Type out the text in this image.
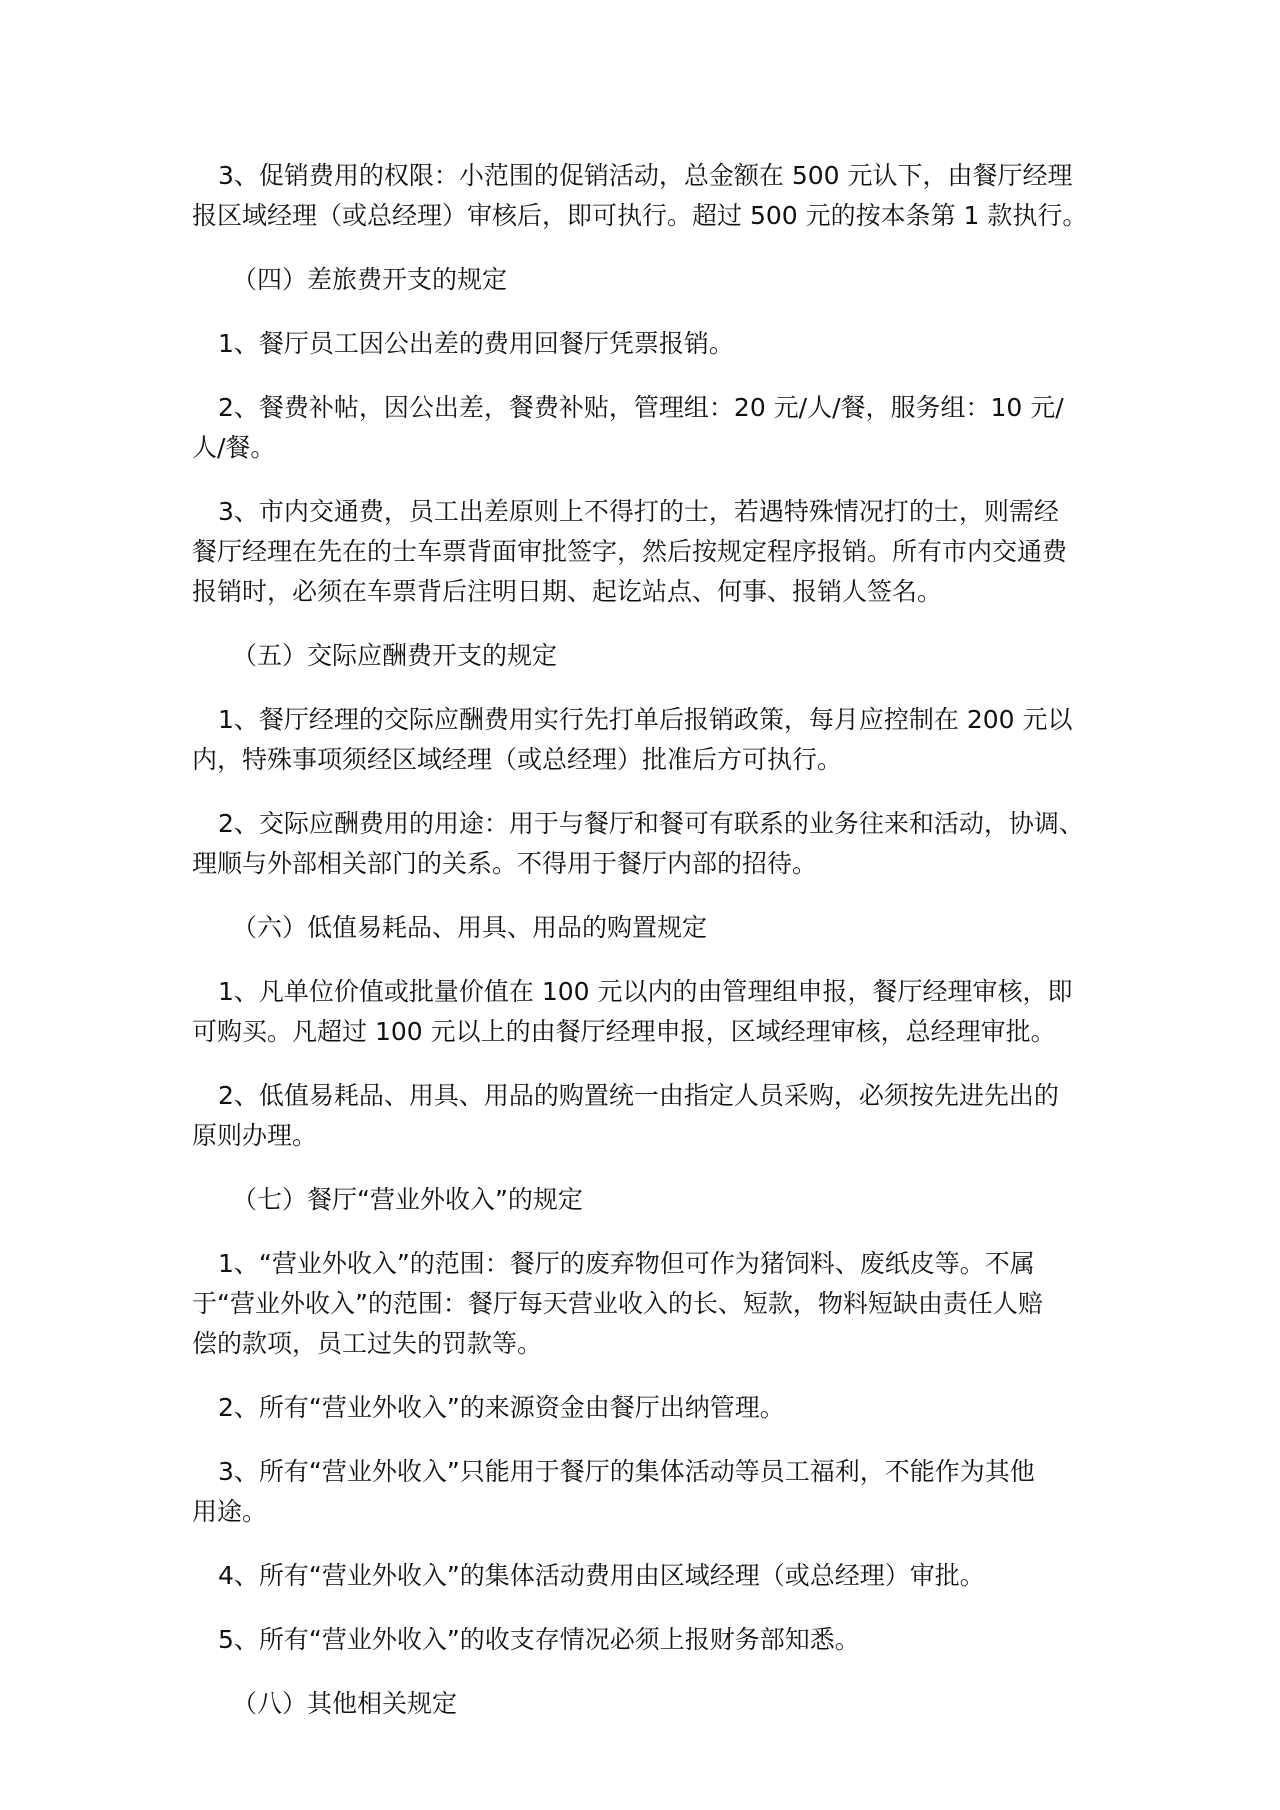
3、促销费用的权限：小范围的促销活动，总金额在 500 元认下，由餐厅经理
报区域经理（或总经理）审核后，即可执行。超过 500 元的按本条第 1 款执行。

（四）差旅费开支的规定

1、餐厅员工因公出差的费用回餐厅凭票报销。

2、餐费补帖，因公出差，餐费补贴，管理组：20 元/人/餐，服务组：10 元/
人/餐。

3、市内交通费，员工出差原则上不得打的士，若遇特殊情况打的士，则需经
餐厅经理在先在的士车票背面审批签字，然后按规定程序报销。所有市内交通费
报销时，必须在车票背后注明日期、起讫站点、何事、报销人签名。

（五）交际应酬费开支的规定

1、餐厅经理的交际应酬费用实行先打单后报销政策，每月应控制在 200 元以
内，特殊事项须经区域经理（或总经理）批准后方可执行。

2、交际应酬费用的用途：用于与餐厅和餐可有联系的业务往来和活动，协调、
理顺与外部相关部门的关系。不得用于餐厅内部的招待。

（六）低值易耗品、用具、用品的购置规定

1、凡单位价值或批量价值在 100 元以内的由管理组申报，餐厅经理审核，即
可购买。凡超过 100 元以上的由餐厅经理申报，区域经理审核，总经理审批。

2、低值易耗品、用具、用品的购置统一由指定人员采购，必须按先进先出的
原则办理。

（七）餐厅“营业外收入”的规定

1、“营业外收入”的范围：餐厅的废弃物但可作为猪饲料、废纸皮等。不属
于“营业外收入”的范围：餐厅每天营业收入的长、短款，物料短缺由责任人赔
偿的款项，员工过失的罚款等。

2、所有“营业外收入”的来源资金由餐厅出纳管理。

3、所有“营业外收入”只能用于餐厅的集体活动等员工福利，不能作为其他
用途。

4、所有“营业外收入”的集体活动费用由区域经理（或总经理）审批。

5、所有“营业外收入”的收支存情况必须上报财务部知悉。

（八）其他相关规定
